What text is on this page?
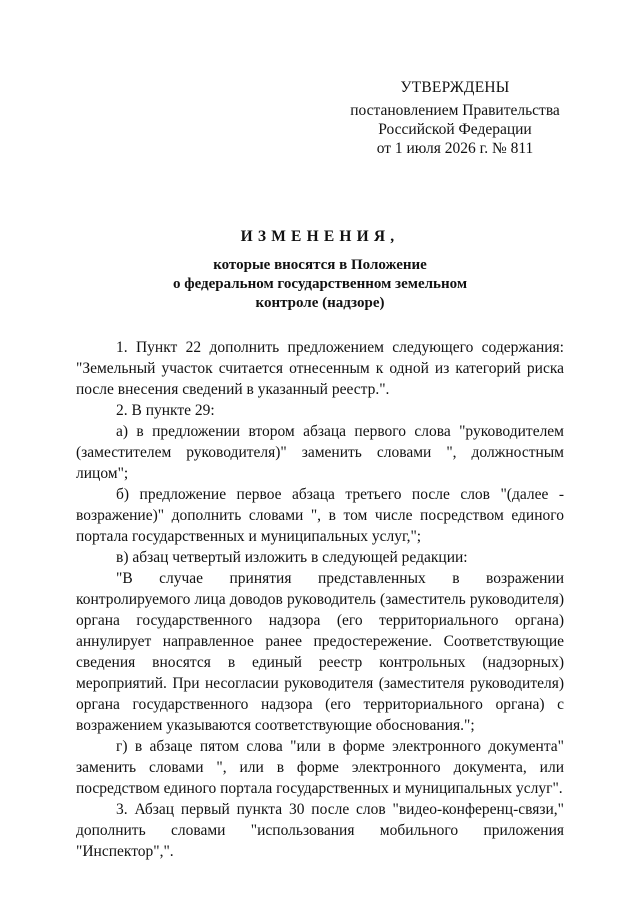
УТВЕРЖДЕНЫ
постановлением Правительства
Российской Федерации
от 1 июля 2026 г. № 811
ИЗМЕНЕНИЯ,
которые вносятся в Положение
о федеральном государственном земельном
контроле (надзоре)

1. Пункт 22 дополнить предложением следующего содержания: "Земельный участок считается отнесенным к одной из категорий риска после внесения сведений в указанный реестр.".

2. В пункте 29:

а) в предложении втором абзаца первого слова "руководителем (заместителем руководителя)" заменить словами ", должностным лицом";

б) предложение первое абзаца третьего после слов "(далее - возражение)" дополнить словами ", в том числе посредством единого портала государственных и муниципальных услуг,";

в) абзац четвертый изложить в следующей редакции:

"В случае принятия представленных в возражении контролируемого лица доводов руководитель (заместитель руководителя) органа государственного надзора (его территориального органа) аннулирует направленное ранее предостережение. Соответствующие сведения вносятся в единый реестр контрольных (надзорных) мероприятий. При несогласии руководителя (заместителя руководителя) органа государственного надзора (его территориального органа) с возражением указываются соответствующие обоснования.";

г) в абзаце пятом слова "или в форме электронного документа" заменить словами ", или в форме электронного документа, или посредством единого портала государственных и муниципальных услуг".

3. Абзац первый пункта 30 после слов "видео-конференц-связи," дополнить словами "использования мобильного приложения "Инспектор",".
